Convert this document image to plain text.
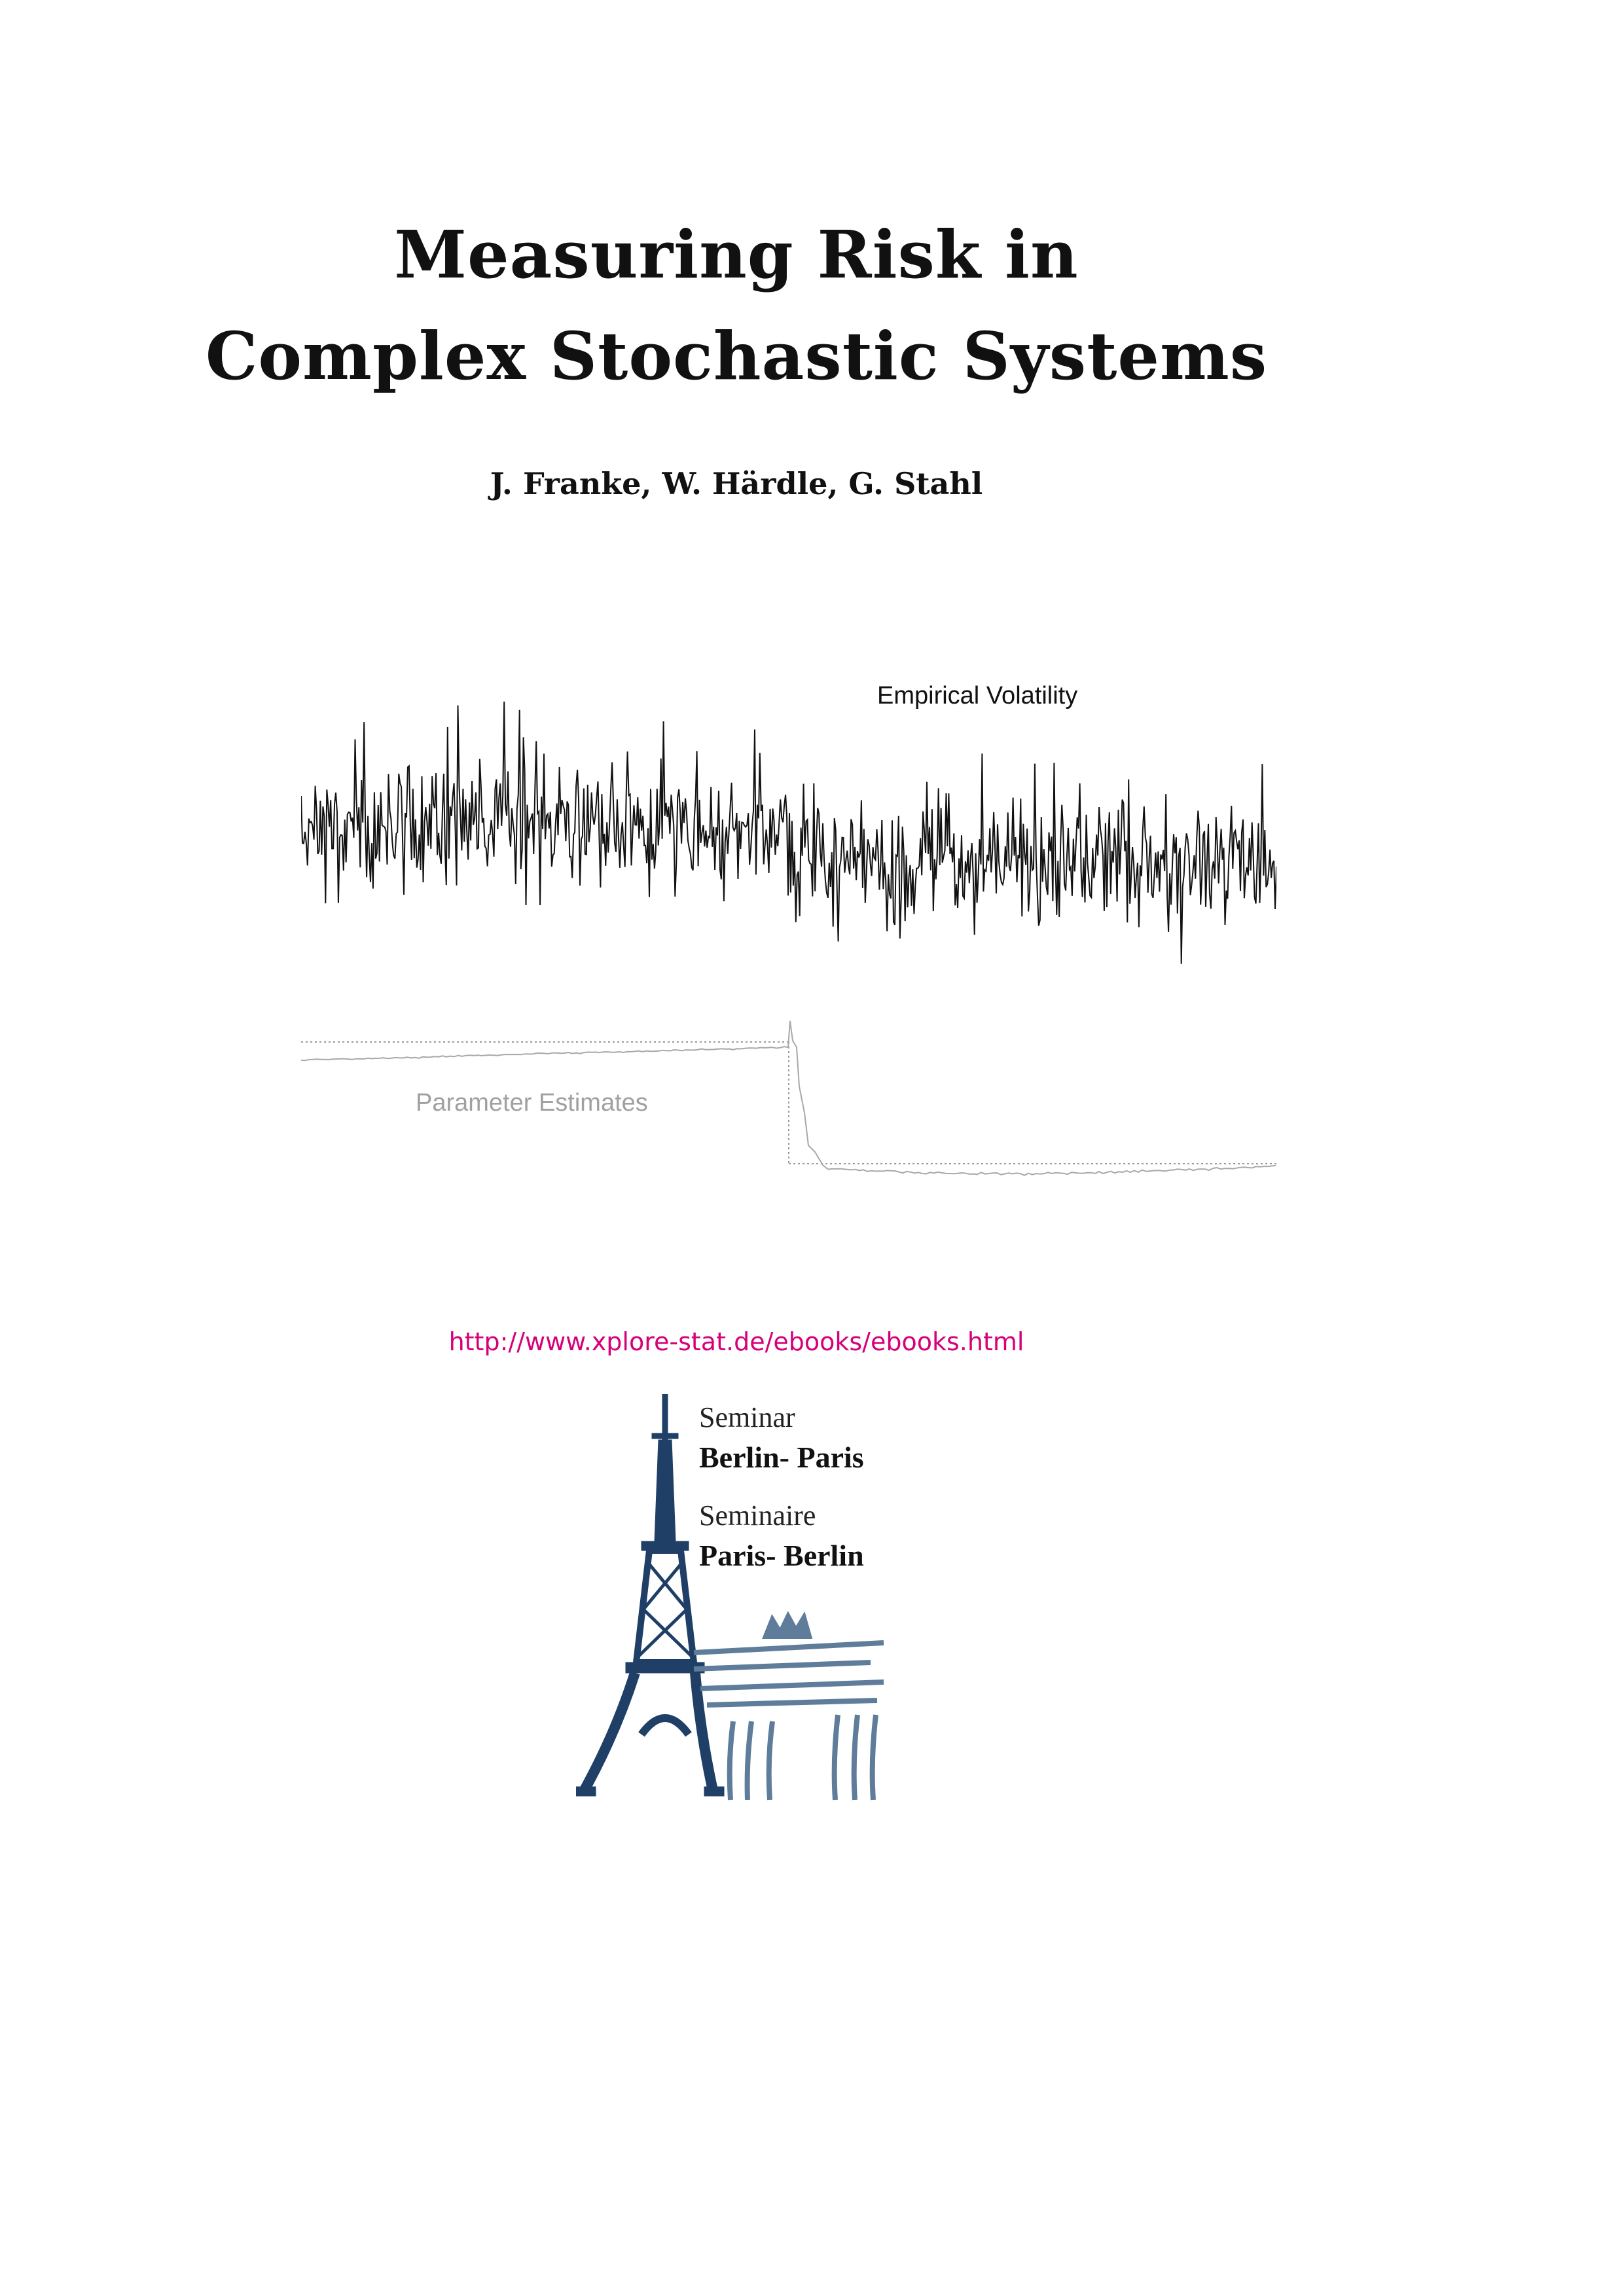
Measuring Risk in
Complex Stochastic Systems
J. Franke, W. Härdle, G. Stahl
Empirical Volatility
Parameter Estimates
http://www.xplore-stat.de/ebooks/ebooks.html
Seminar
Berlin- Paris
Seminaire
Paris- Berlin
